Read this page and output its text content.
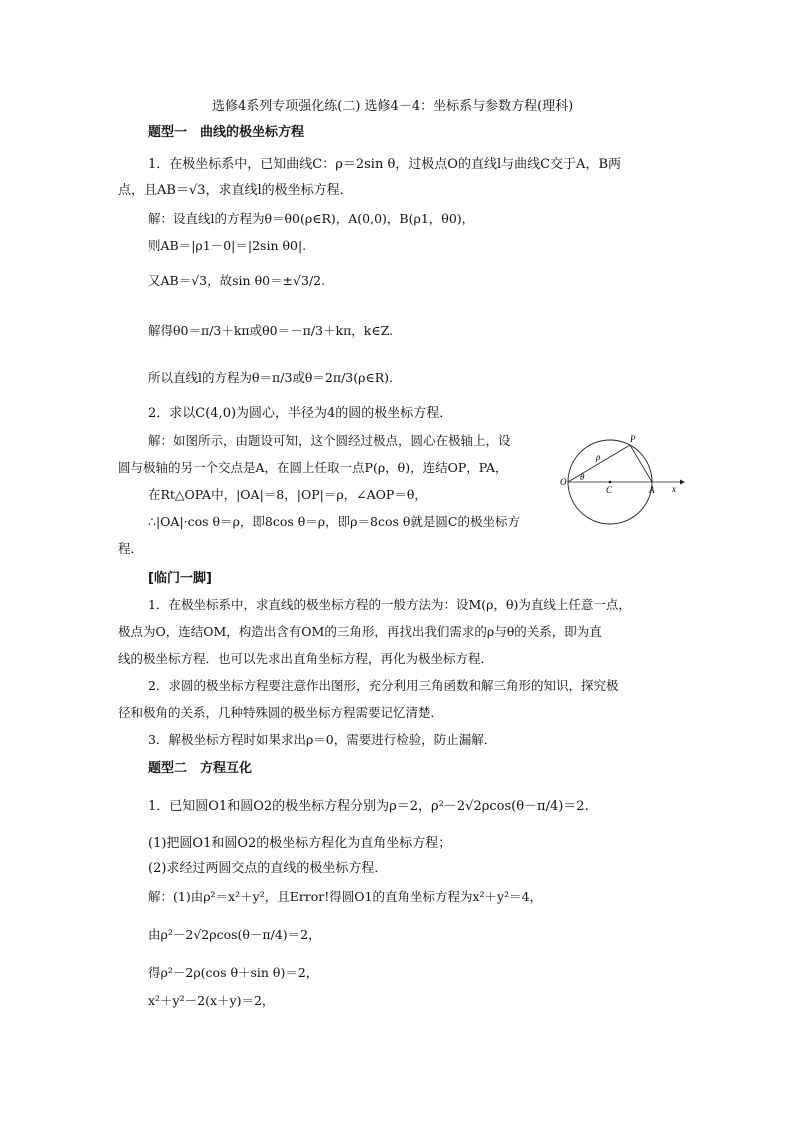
选修4系列专项强化练(二) 选修4－4：坐标系与参数方程(理科)
题型一　曲线的极坐标方程
1．在极坐标系中，已知曲线C：ρ＝2sin θ，过极点O的直线l与曲线C交于A，B两
点，且AB＝√3，求直线l的极坐标方程．
解：设直线l的方程为θ＝θ0(ρ∈R)，A(0,0)，B(ρ1，θ0)，
则AB＝|ρ1－0|＝|2sin θ0|.
又AB＝√3，故sin θ0＝±√3/2.
解得θ0＝π/3＋kπ或θ0＝－π/3＋kπ，k∈Z.
所以直线l的方程为θ＝π/3或θ＝2π/3(ρ∈R).
2．求以C(4,0)为圆心，半径为4的圆的极坐标方程．
解：如图所示，由题设可知，这个圆经过极点，圆心在极轴上，设
圆与极轴的另一个交点是A，在圆上任取一点P(ρ，θ)，连结OP，PA，
在Rt△OPA中，|OA|＝8，|OP|＝ρ，∠AOP＝θ，
∴|OA|·cos θ＝ρ，即8cos θ＝ρ，即ρ＝8cos θ就是圆C的极坐标方
程．
O
P
C	A x
ρ
θ
[临门一脚]
1．在极坐标系中，求直线的极坐标方程的一般方法为：设M(ρ，θ)为直线上任意一点，
极点为O，连结OM，构造出含有OM的三角形，再找出我们需求的ρ与θ的关系，即为直
线的极坐标方程．也可以先求出直角坐标方程，再化为极坐标方程．
2．求圆的极坐标方程要注意作出图形，充分利用三角函数和解三角形的知识，探究极
径和极角的关系，几种特殊圆的极坐标方程需要记忆清楚．
3．解极坐标方程时如果求出ρ＝0，需要进行检验，防止漏解．
题型二　方程互化
1．已知圆O1和圆O2的极坐标方程分别为ρ＝2，ρ²－2√2ρcos(θ－π/4)＝2.
(1)把圆O1和圆O2的极坐标方程化为直角坐标方程；
(2)求经过两圆交点的直线的极坐标方程．
解：(1)由ρ²＝x²＋y²，且Error!得圆O1的直角坐标方程为x²＋y²＝4，
由ρ²－2√2ρcos(θ－π/4)＝2，
得ρ²－2ρ(cos θ＋sin θ)＝2，
x²＋y²－2(x＋y)＝2，
